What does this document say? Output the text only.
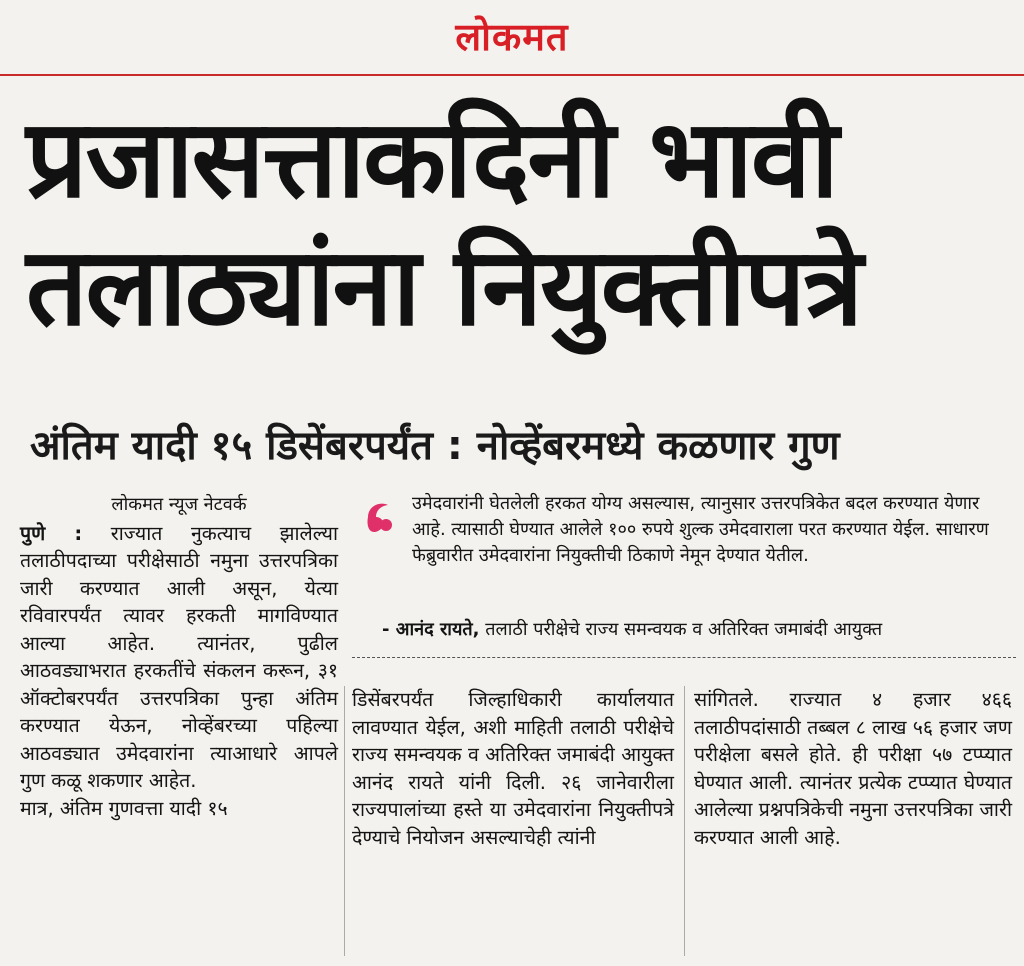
लोकमत
प्रजासत्ताकदिनी भावी
तलाठ्यांना नियुक्तीपत्रे
अंतिम यादी १५ डिसेंबरपर्यंत : नोव्हेंबरमध्ये कळणार गुण
लोकमत न्यूज नेटवर्क

पुणे : राज्यात नुकत्याच झालेल्या तलाठीपदाच्या परीक्षेसाठी नमुना उत्तरपत्रिका जारी करण्यात आली असून, येत्या रविवारपर्यंत त्यावर हरकती मागविण्यात आल्या आहेत. त्यानंतर, पुढील आठवड्याभरात हरकतींचे संकलन करून, ३१ ऑक्टोबरपर्यंत उत्तरपत्रिका पुन्हा अंतिम करण्यात येऊन, नोव्हेंबरच्या पहिल्या आठवड्यात उमेदवारांना त्याआधारे आपले गुण कळू शकणार आहेत.

मात्र, अंतिम गुणवत्ता यादी १५

उमेदवारांनी घेतलेली हरकत योग्य असल्यास, त्यानुसार उत्तरपत्रिकेत बदल करण्यात येणार आहे. त्यासाठी घेण्यात आलेले १०० रुपये शुल्क उमेदवाराला परत करण्यात येईल. साधारण फेब्रुवारीत उमेदवारांना नियुक्तीची ठिकाणे नेमून देण्यात येतील.
- आनंद रायते, तलाठी परीक्षेचे राज्य समन्वयक व अतिरिक्त जमाबंदी आयुक्त

डिसेंबरपर्यंत जिल्हाधिकारी कार्यालयात लावण्यात येईल, अशी माहिती तलाठी परीक्षेचे राज्य समन्वयक व अतिरिक्त जमाबंदी आयुक्त आनंद रायते यांनी दिली. २६ जानेवारीला राज्यपालांच्या हस्ते या उमेदवारांना नियुक्तीपत्रे देण्याचे नियोजन असल्याचेही त्यांनी

सांगितले. राज्यात ४ हजार ४६६ तलाठीपदांसाठी तब्बल ८ लाख ५६ हजार जण परीक्षेला बसले होते. ही परीक्षा ५७ टप्प्यात घेण्यात आली. त्यानंतर प्रत्येक टप्प्यात घेण्यात आलेल्या प्रश्नपत्रिकेची नमुना उत्तरपत्रिका जारी करण्यात आली आहे.
